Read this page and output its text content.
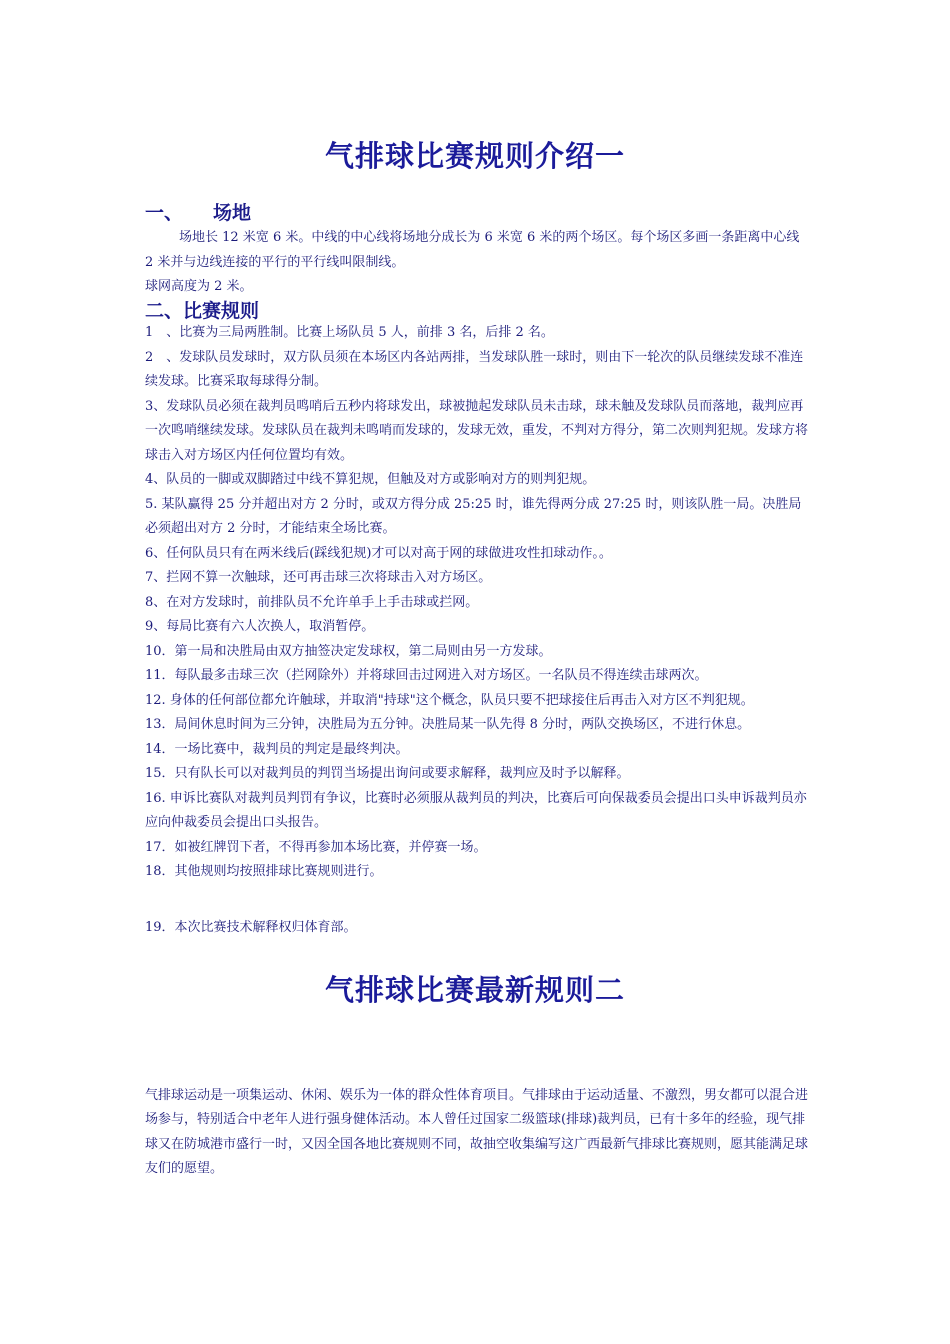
气排球比赛规则介绍一
一、 场地

场地长 12 米宽 6 米。中线的中心线将场地分成长为 6 米宽 6 米的两个场区。每个场区多画一条距离中心线 2 米并与边线连接的平行的平行线叫限制线。

球网高度为 2 米。

二、比赛规则

1　、比赛为三局两胜制。比赛上场队员 5 人，前排 3 名，后排 2 名。

2　、发球队员发球时，双方队员须在本场区内各站两排，当发球队胜一球时，则由下一轮次的队员继续发球不准连续发球。比赛采取每球得分制。

3、发球队员必须在裁判员鸣哨后五秒内将球发出，球被抛起发球队员未击球，球未触及发球队员而落地，裁判应再一次鸣哨继续发球。发球队员在裁判未鸣哨而发球的，发球无效，重发，不判对方得分，第二次则判犯规。发球方将球击入对方场区内任何位置均有效。

4、队员的一脚或双脚踏过中线不算犯规，但触及对方或影响对方的则判犯规。

5. 某队赢得 25 分并超出对方 2 分时，或双方得分成 25:25 时，谁先得两分成 27:25 时，则该队胜一局。决胜局必须超出对方 2 分时，才能结束全场比赛。

6、任何队员只有在两米线后(踩线犯规)才可以对高于网的球做进攻性扣球动作。。

7、拦网不算一次触球，还可再击球三次将球击入对方场区。

8、在对方发球时，前排队员不允许单手上手击球或拦网。

9、每局比赛有六人次换人，取消暂停。

10．第一局和决胜局由双方抽签决定发球权，第二局则由另一方发球。

11．每队最多击球三次（拦网除外）并将球回击过网进入对方场区。一名队员不得连续击球两次。

12. 身体的任何部位都允许触球，并取消"持球"这个概念，队员只要不把球接住后再击入对方区不判犯规。

13．局间休息时间为三分钟，决胜局为五分钟。决胜局某一队先得 8 分时，两队交换场区，不进行休息。

14．一场比赛中，裁判员的判定是最终判决。

15．只有队长可以对裁判员的判罚当场提出询问或要求解释，裁判应及时予以解释。

16. 申诉比赛队对裁判员判罚有争议，比赛时必须服从裁判员的判决，比赛后可向保裁委员会提出口头申诉裁判员亦应向仲裁委员会提出口头报告。

17．如被红牌罚下者，不得再参加本场比赛，并停赛一场。

18．其他规则均按照排球比赛规则进行。

19．本次比赛技术解释权归体育部。

气排球比赛最新规则二

气排球运动是一项集运动、休闲、娱乐为一体的群众性体育项目。气排球由于运动适量、不激烈，男女都可以混合进场参与，特别适合中老年人进行强身健体活动。本人曾任过国家二级篮球(排球)裁判员，已有十多年的经验，现气排球又在防城港市盛行一时，又因全国各地比赛规则不同，故抽空收集编写这广西最新气排球比赛规则，愿其能满足球友们的愿望。
